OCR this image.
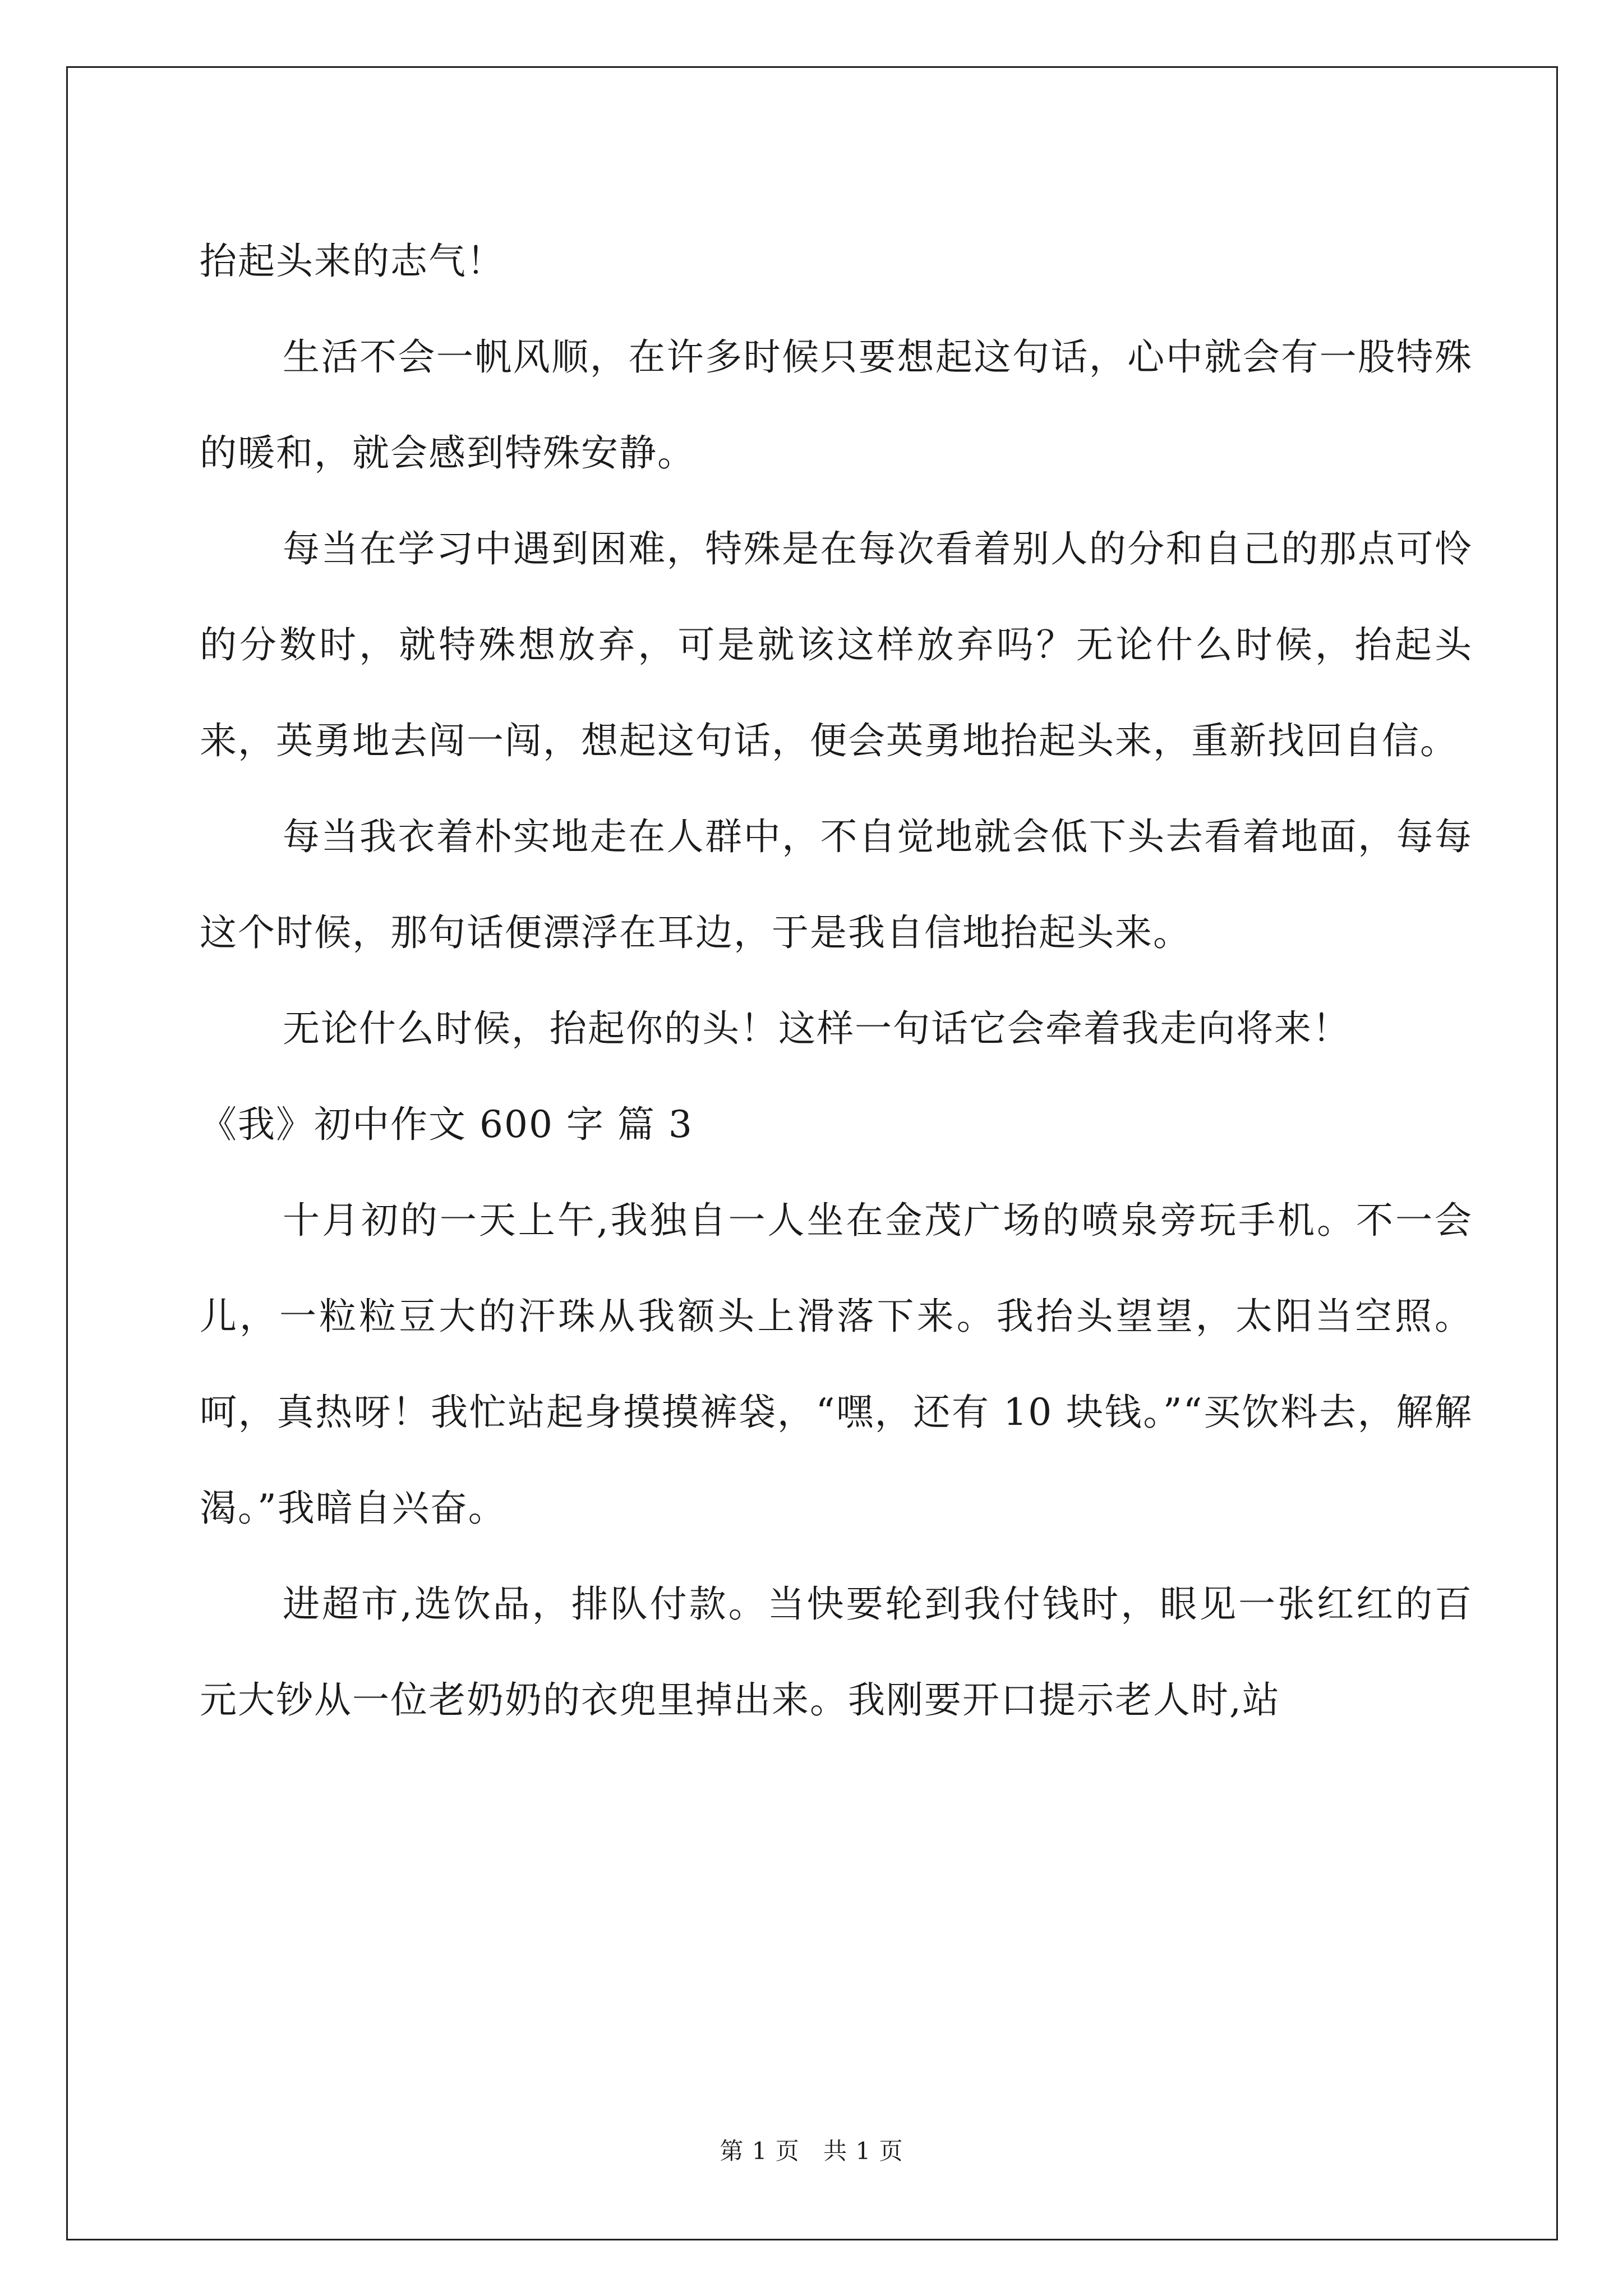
抬起头来的志气！

生活不会一帆风顺，在许多时候只要想起这句话，心中就会有一股特殊的暖和，就会感到特殊安静。

每当在学习中遇到困难，特殊是在每次看着别人的分和自己的那点可怜的分数时，就特殊想放弃，可是就该这样放弃吗？无论什么时候，抬起头来，英勇地去闯一闯，想起这句话，便会英勇地抬起头来，重新找回自信。

每当我衣着朴实地走在人群中，不自觉地就会低下头去看着地面，每每这个时候，那句话便漂浮在耳边，于是我自信地抬起头来。

无论什么时候，抬起你的头！这样一句话它会牵着我走向将来！

《我》初中作文 600 字 篇 3

十月初的一天上午,我独自一人坐在金茂广场的喷泉旁玩手机。不一会儿，一粒粒豆大的汗珠从我额头上滑落下来。我抬头望望，太阳当空照。呵，真热呀！我忙站起身摸摸裤袋，“嘿，还有 10 块钱。”“买饮料去，解解渴。”我暗自兴奋。

进超市,选饮品，排队付款。当快要轮到我付钱时，眼见一张红红的百元大钞从一位老奶奶的衣兜里掉出来。我刚要开口提示老人时,站

第 1 页 共 1 页
